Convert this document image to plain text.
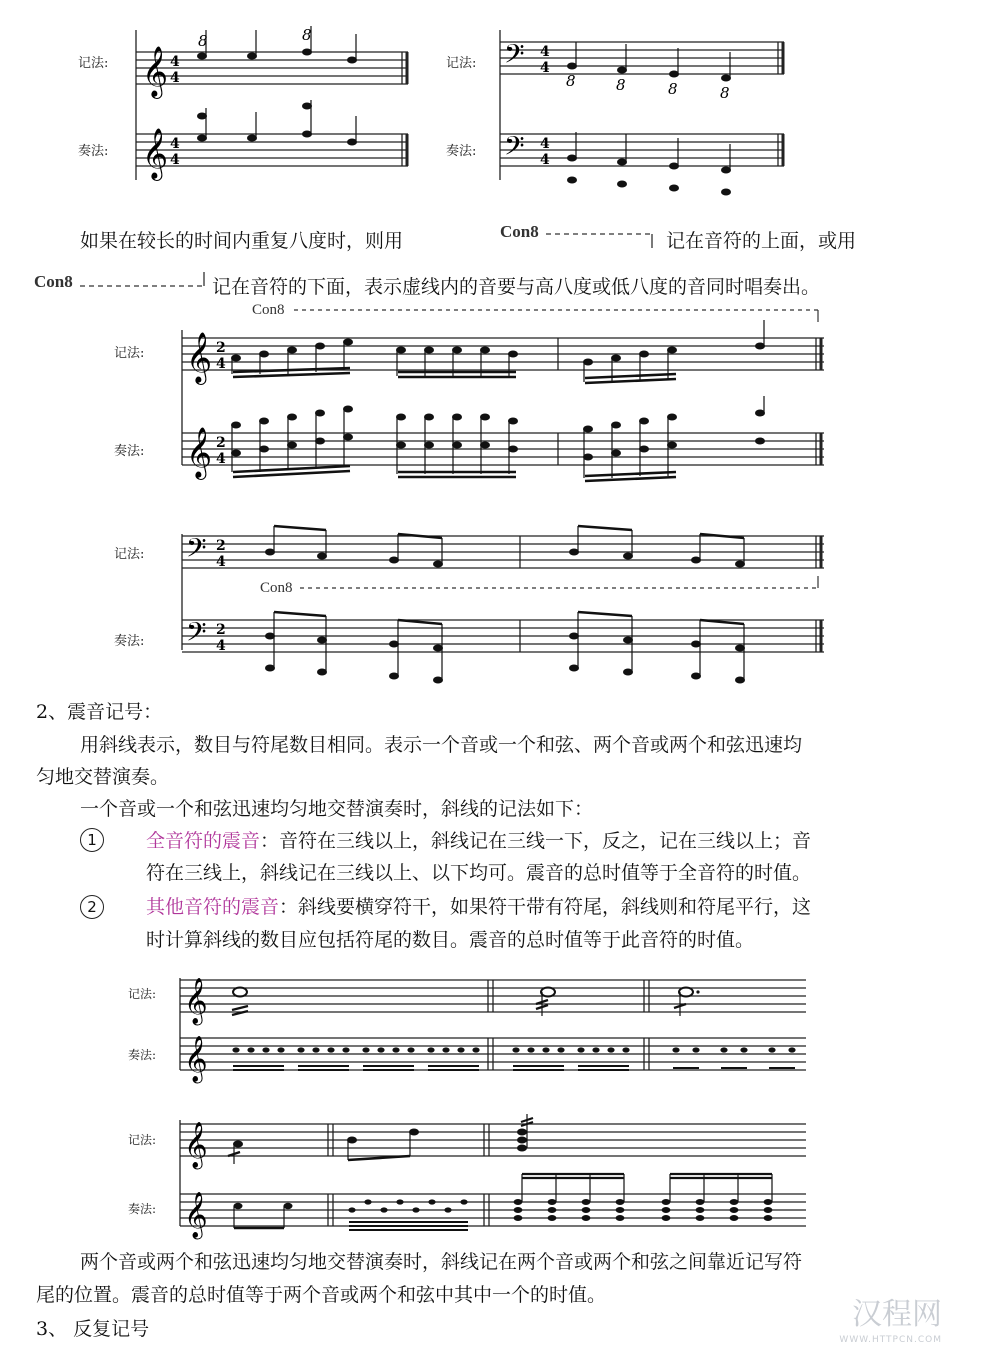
记法:
奏法:
记法:
奏法:
𝄞
𝄞
4
4
4
4
8	8
𝄢
𝄢
4
4
4
4
8	8	8	8
如果在较长的时间内重复八度时，则用	Con8	记在音符的上面，或用
Con8	记在音符的下面，表示虚线内的音要与高八度或低八度的音同时唱奏出。
记法:
奏法:
Con8
𝄞
𝄞
2
4
2
4
记法:
奏法:
Con8
𝄢
𝄢
2
4
2
4
2、震音记号：
用斜线表示，数目与符尾数目相同。表示一个音或一个和弦、两个音或两个和弦迅速均
匀地交替演奏。
一个音或一个和弦迅速均匀地交替演奏时，斜线的记法如下：
1	全音符的震音：音符在三线以上，斜线记在三线一下，反之，记在三线以上；音
符在三线上，斜线记在三线以上、以下均可。震音的总时值等于全音符的时值。
2	其他音符的震音：斜线要横穿符干，如果符干带有符尾，斜线则和符尾平行，这
时计算斜线的数目应包括符尾的数目。震音的总时值等于此音符的时值。
记法:
奏法:
𝄞
𝄞
记法:
奏法:
𝄞
𝄞
两个音或两个和弦迅速均匀地交替演奏时，斜线记在两个音或两个和弦之间靠近记写符
尾的位置。震音的总时值等于两个音或两个和弦中其中一个的时值。
3、 反复记号	汉程网
WWW.HTTPCN.COM
